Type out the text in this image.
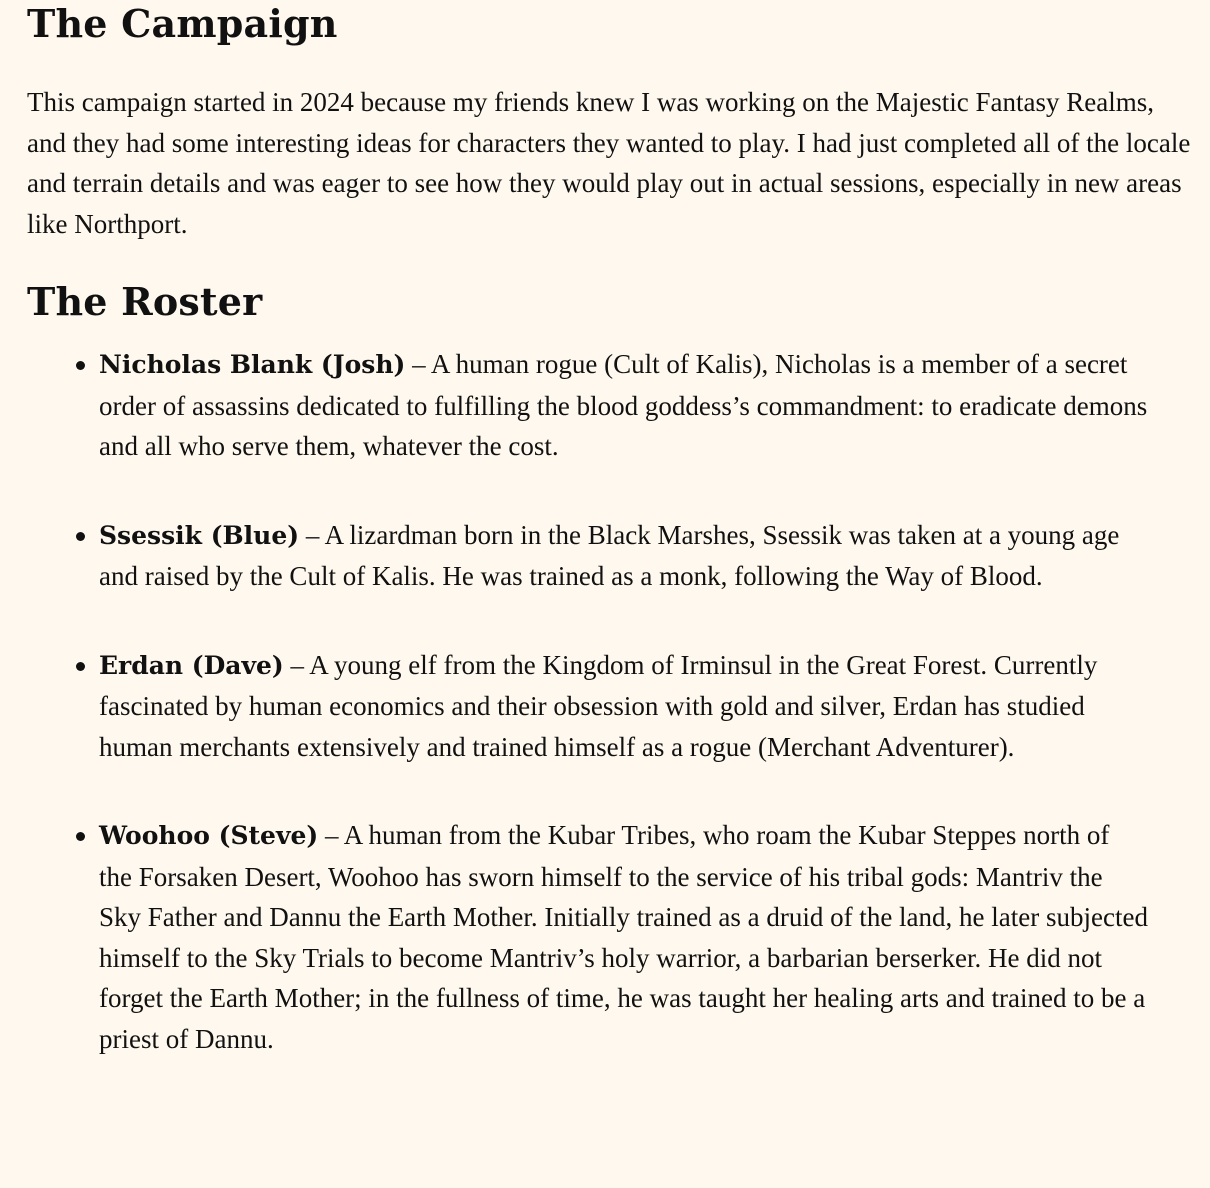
The Campaign

This campaign started in 2024 because my friends knew I was working on the Majestic Fantasy Realms, and they had some interesting ideas for characters they wanted to play. I had just completed all of the locale and terrain details and was eager to see how they would play out in actual sessions, especially in new areas like Northport.

The Roster
Nicholas Blank (Josh) – A human rogue (Cult of Kalis), Nicholas is a member of a secret order of assassins dedicated to fulfilling the blood goddess’s commandment: to eradicate demons and all who serve them, whatever the cost.
Ssessik (Blue) – A lizardman born in the Black Marshes, Ssessik was taken at a young age and raised by the Cult of Kalis. He was trained as a monk, following the Way of Blood.
Erdan (Dave) – A young elf from the Kingdom of Irminsul in the Great Forest. Currently fascinated by human economics and their obsession with gold and silver, Erdan has studied human merchants extensively and trained himself as a rogue (Merchant Adventurer).
Woohoo (Steve) – A human from the Kubar Tribes, who roam the Kubar Steppes north of the Forsaken Desert, Woohoo has sworn himself to the service of his tribal gods: Mantriv the Sky Father and Dannu the Earth Mother. Initially trained as a druid of the land, he later subjected himself to the Sky Trials to become Mantriv’s holy warrior, a barbarian berserker. He did not forget the Earth Mother; in the fullness of time, he was taught her healing arts and trained to be a priest of Dannu.
